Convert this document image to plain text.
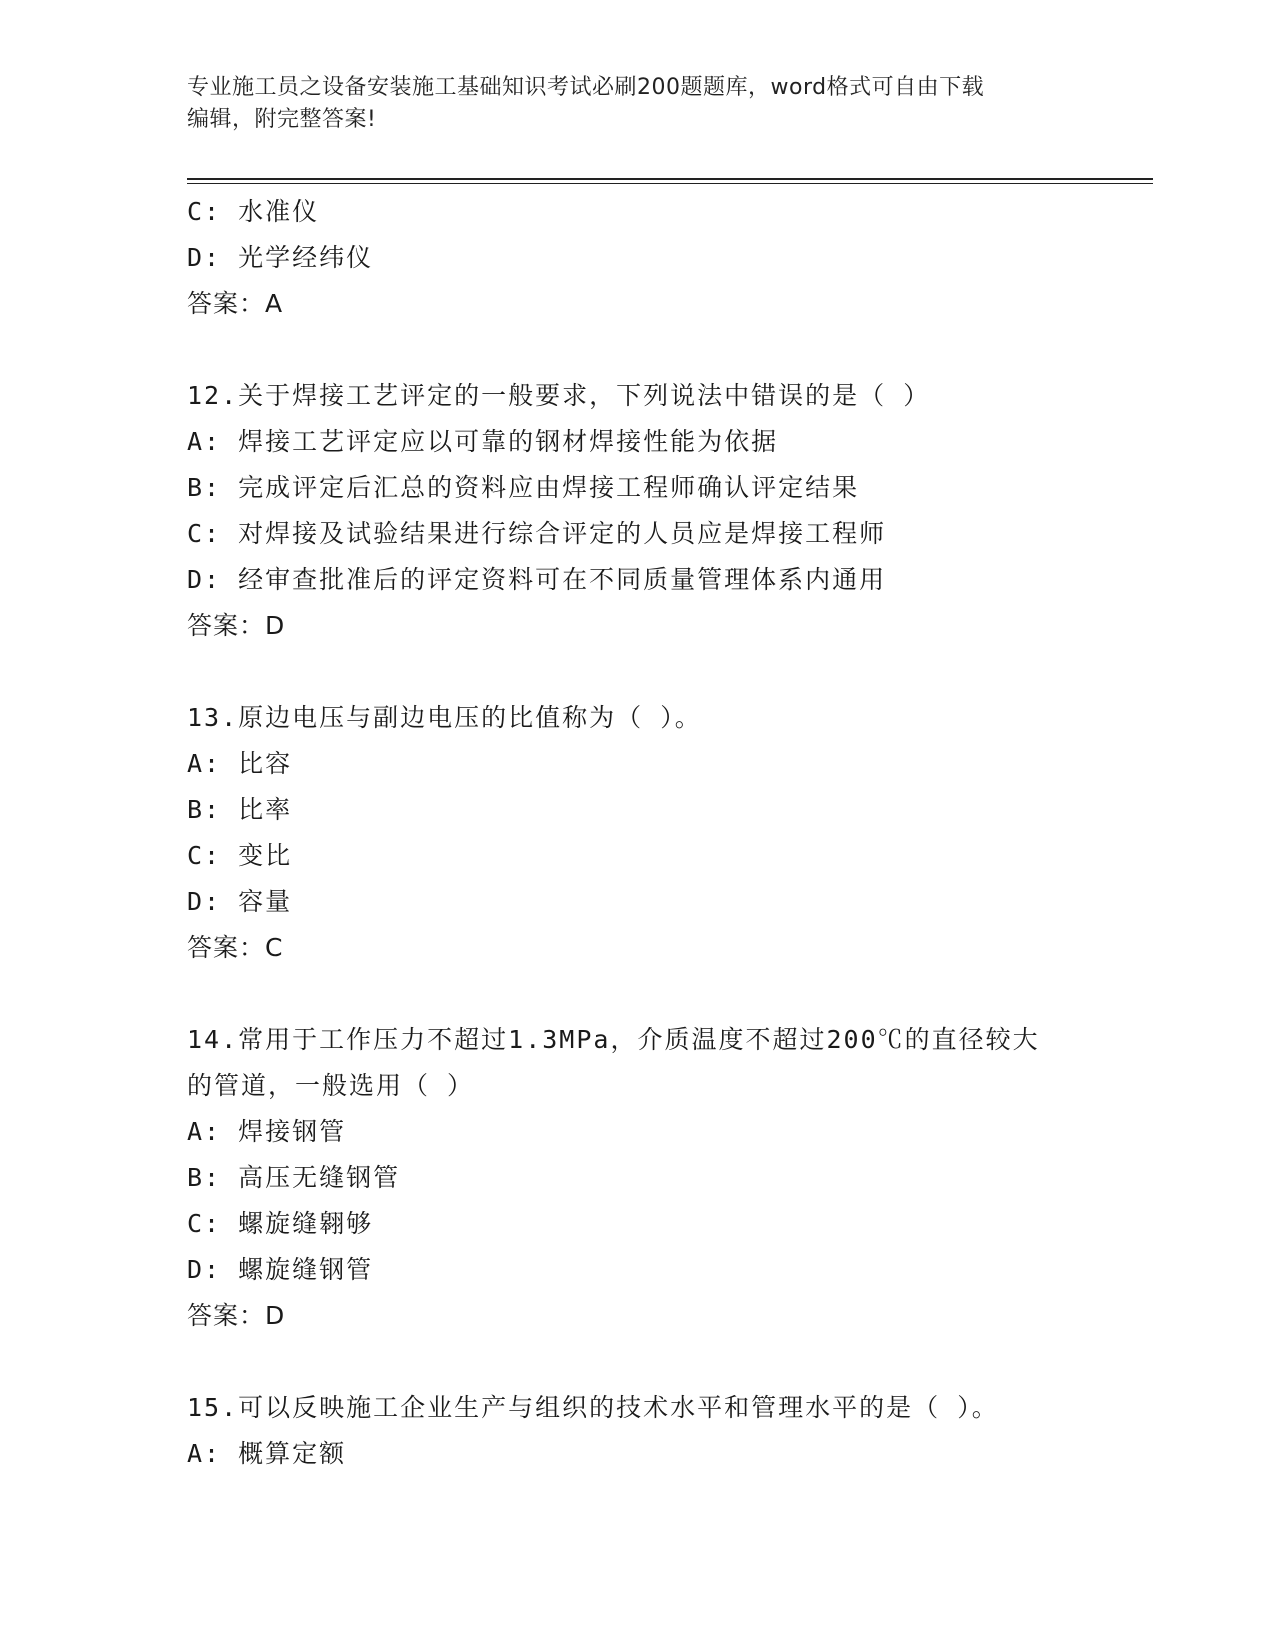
专业施工员之设备安装施工基础知识考试必刷200题题库，word格式可自由下载
编辑，附完整答案!
C: 水准仪
D: 光学经纬仪
答案：A
12.关于焊接工艺评定的一般要求，下列说法中错误的是（ ）
A: 焊接工艺评定应以可靠的钢材焊接性能为依据
B: 完成评定后汇总的资料应由焊接工程师确认评定结果
C: 对焊接及试验结果进行综合评定的人员应是焊接工程师
D: 经审查批准后的评定资料可在不同质量管理体系内通用
答案：D
13.原边电压与副边电压的比值称为（ ）。
A: 比容
B: 比率
C: 变比
D: 容量
答案：C
14.常用于工作压力不超过1.3MPa，介质温度不超过200℃的直径较大
的管道，一般选用（ ）
A: 焊接钢管
B: 高压无缝钢管
C: 螺旋缝翱够
D: 螺旋缝钢管
答案：D
15.可以反映施工企业生产与组织的技术水平和管理水平的是（ ）。
A: 概算定额
